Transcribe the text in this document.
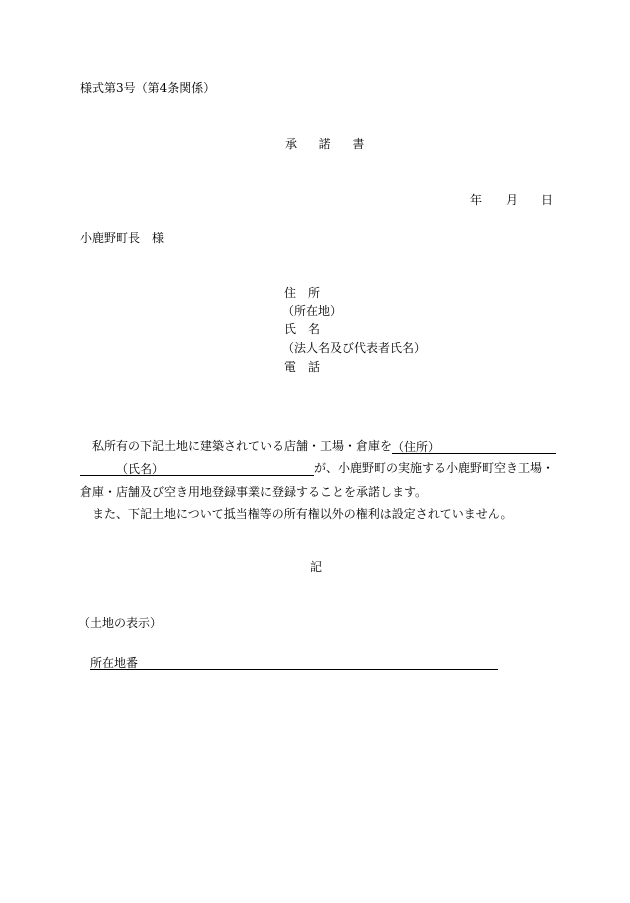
様式第3号（第4条関係）
承 諾 書
年 月 日
小鹿野町長　様
住　所
（所在地）
氏　名
（法人名及び代表者氏名）
電　話
私所有の下記土地に建築されている店舗・工場・倉庫を（住所）
（氏名）	が、小鹿野町の実施する小鹿野町空き工場・
倉庫・店舗及び空き用地登録事業に登録することを承諾します。
また、下記土地について抵当権等の所有権以外の権利は設定されていません。
記
（土地の表示）
所在地番
